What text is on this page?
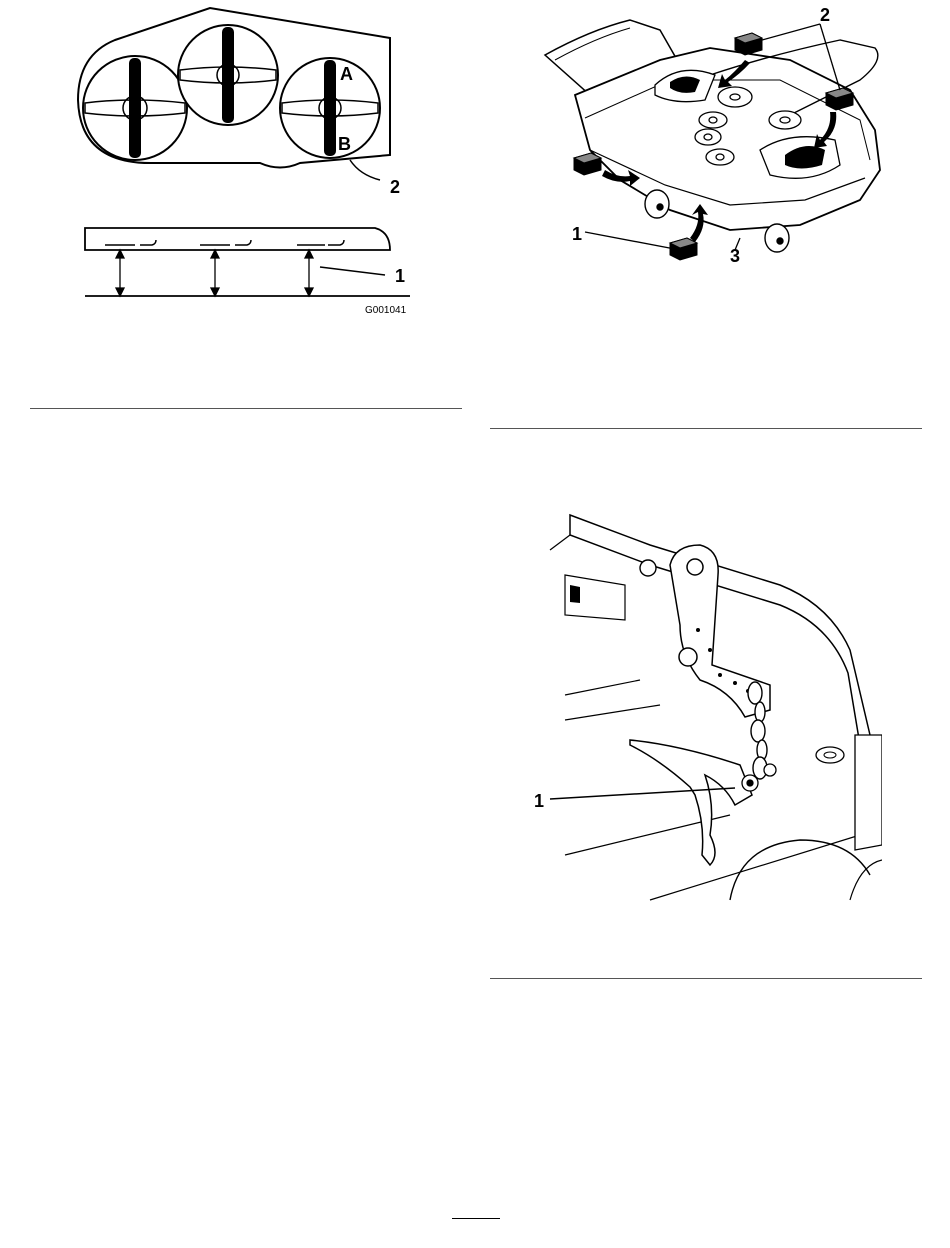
A
B
2
1
G001041
2
1
3
1
